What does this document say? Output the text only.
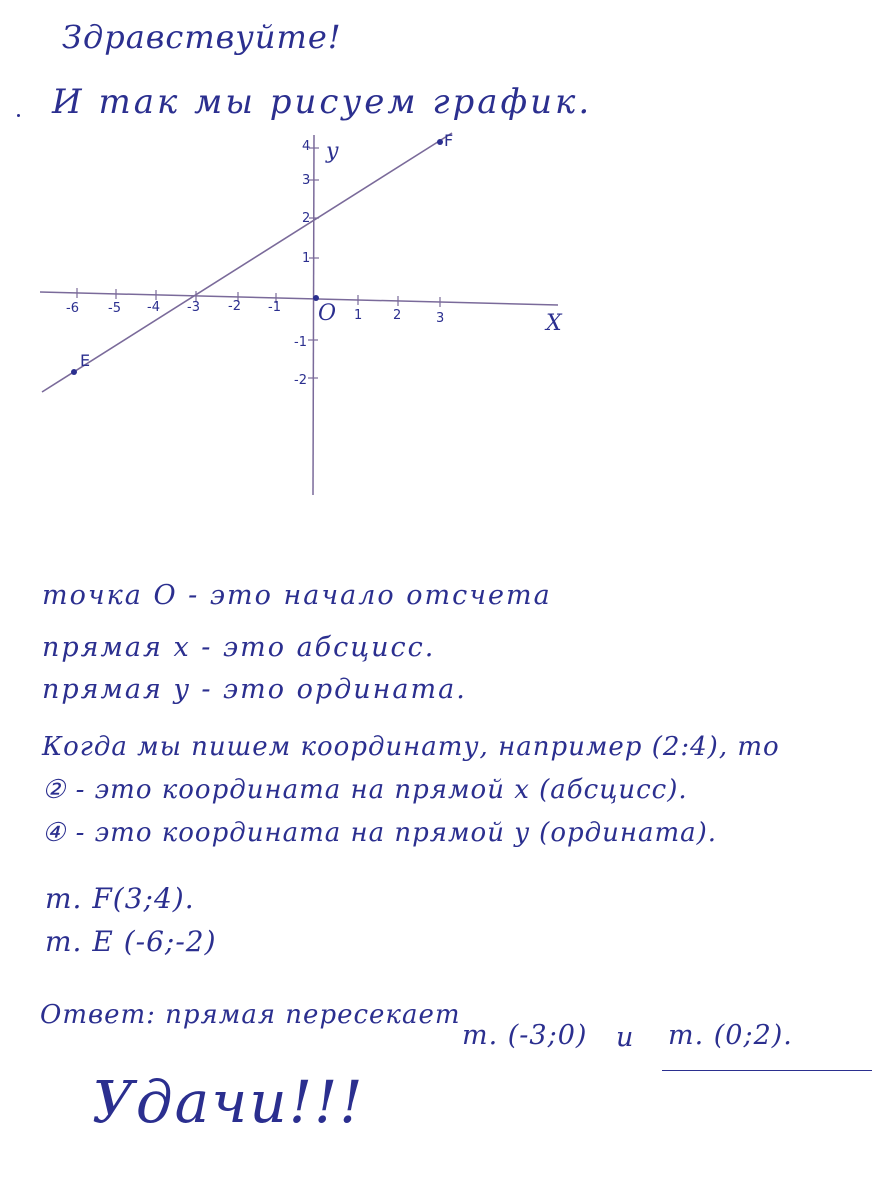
Здравствуйте!
И так мы рисуем график.
-6 -5 -4 -3 -2 -1
1 2	3
4
3
2
1
-1
-2
X
y
O
F
E
точка О - это начало отсчета
прямая x - это абсцисс.
прямая y - это ордината.
Когда мы пишем координату, например (2:4), то
② - это координата на прямой x (абсцисс).
④ - это координата на прямой y (ордината).
m. F(3;4).
m. E (-6;-2)
Ответ: прямая пересекает
m. (-3;0) и m. (0;2).
Удачи!!!
